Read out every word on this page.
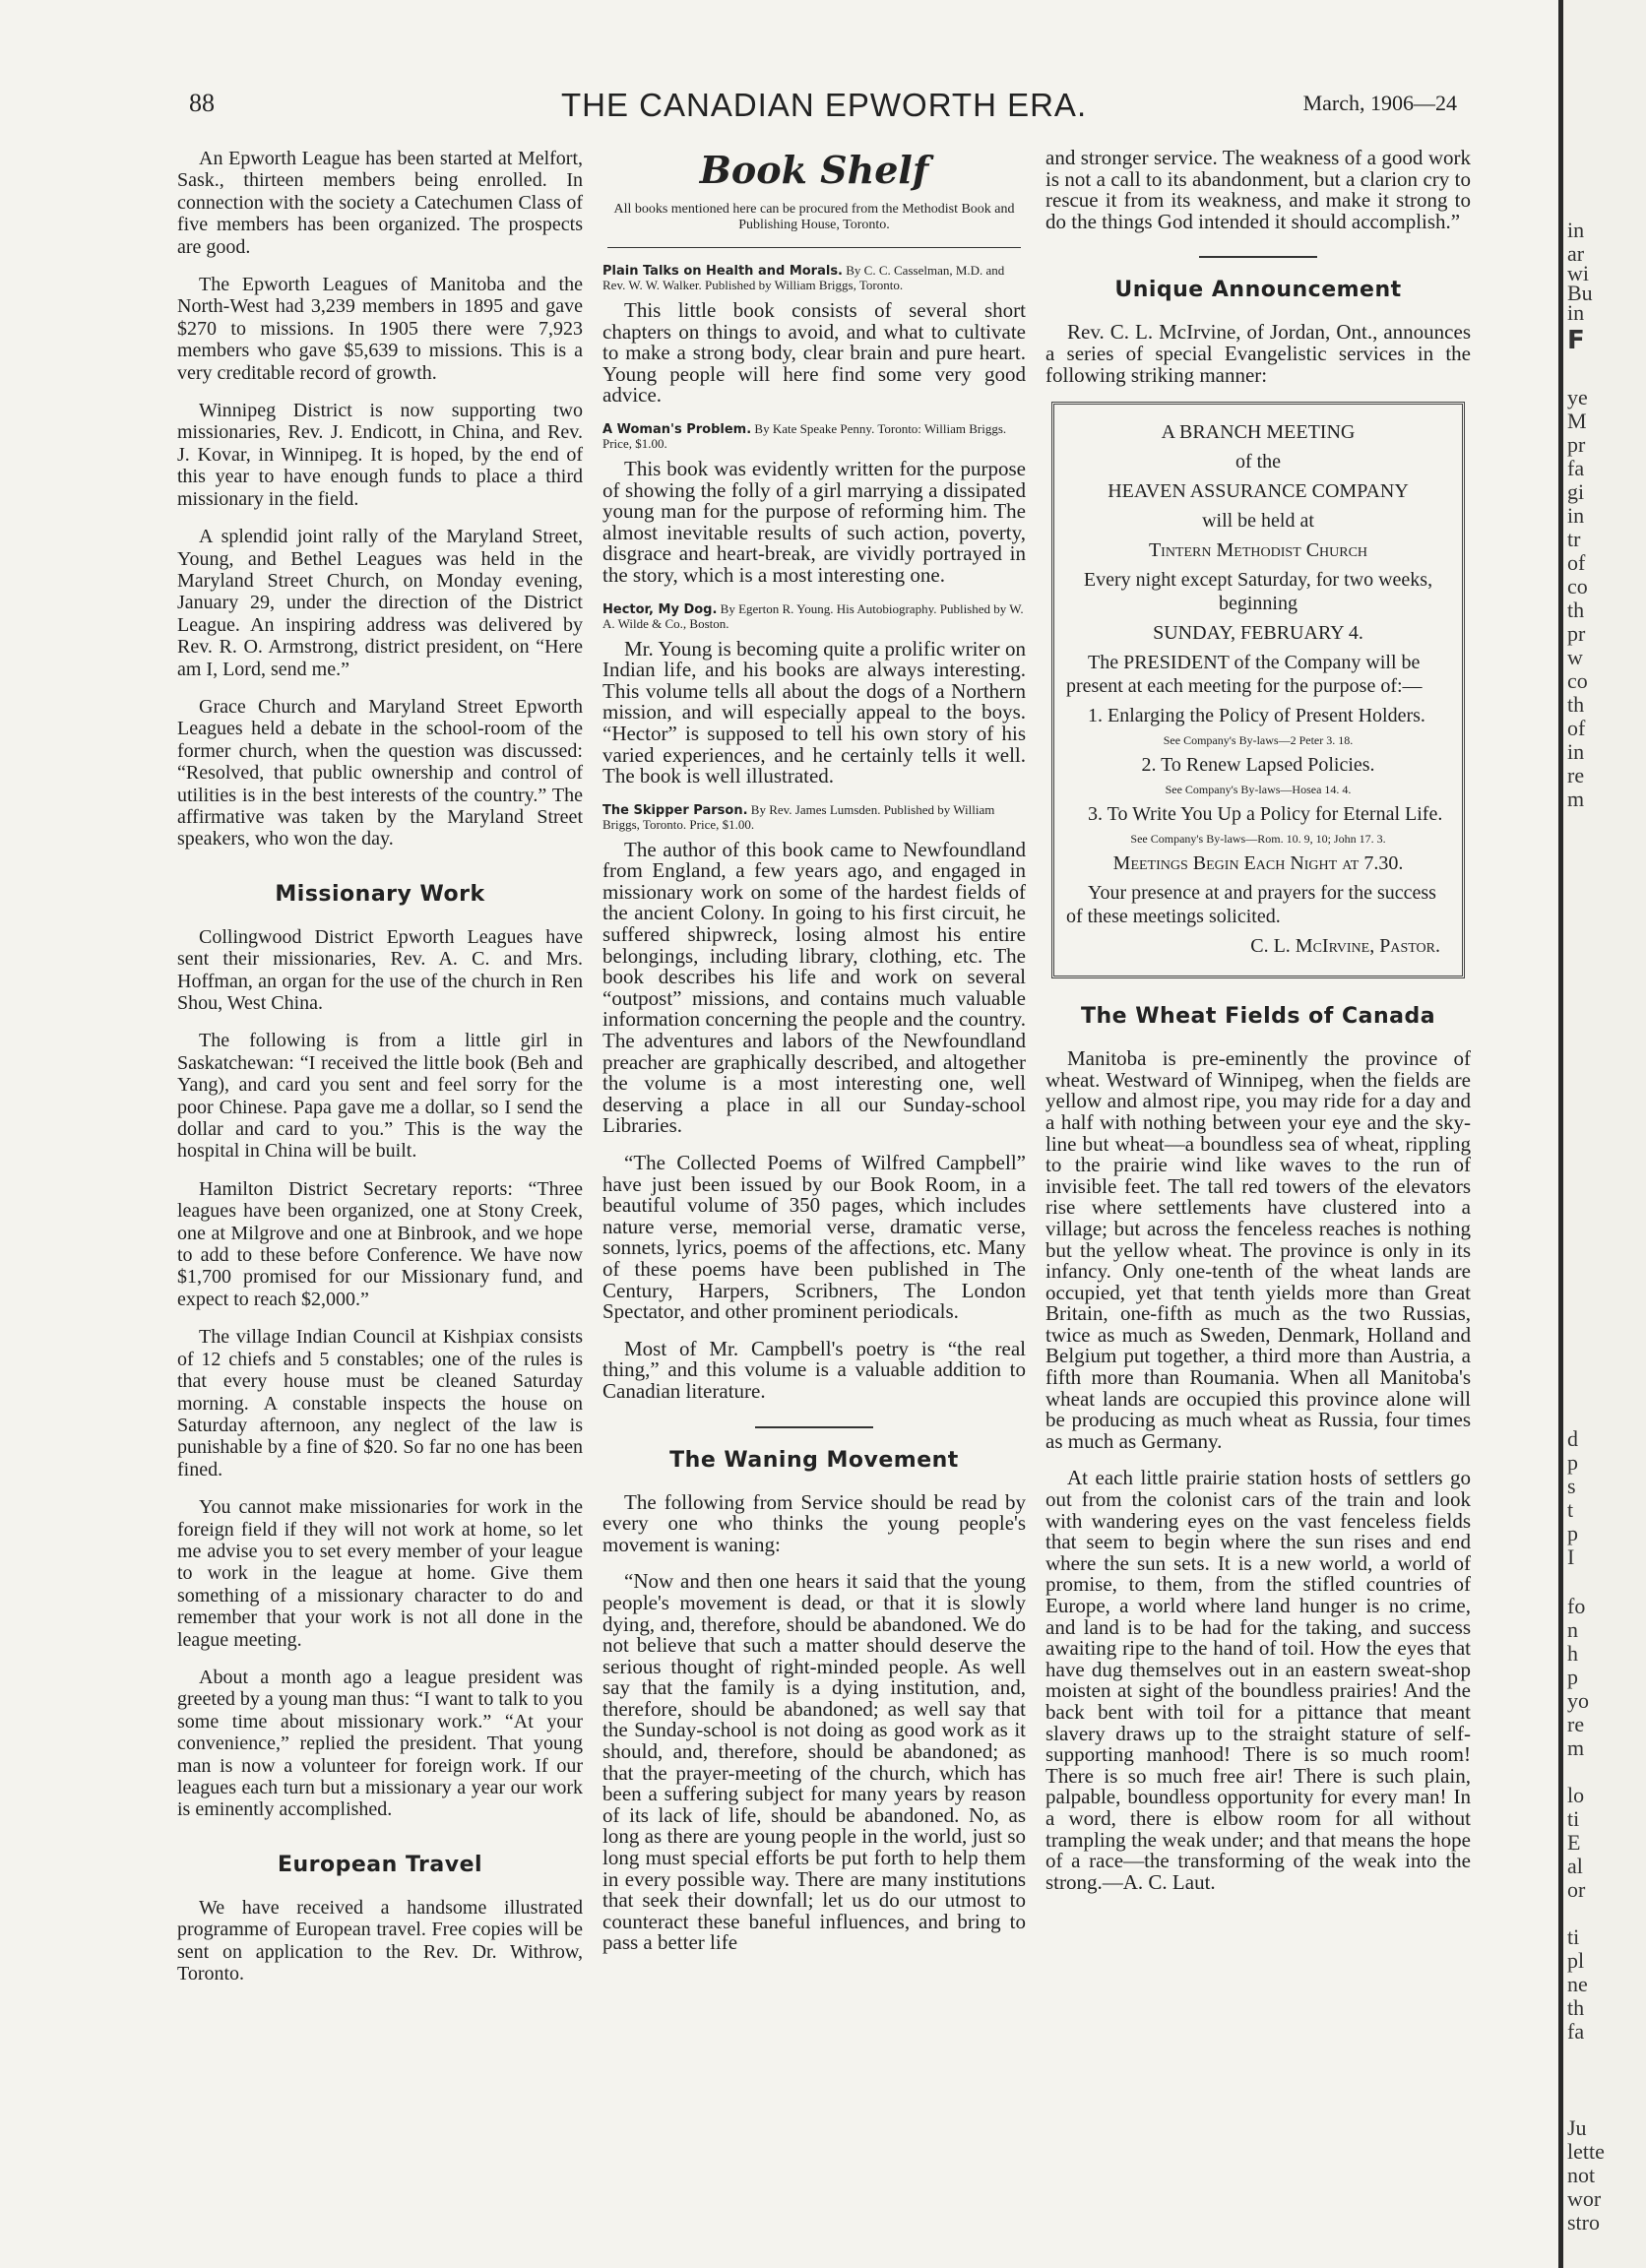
in
ar
wi
Bu
in
F
ye
M
pr
fa
gi
in
tr
of
co
th
pr
w
co
th
of
in
re
m
d
p
s
t
p
I
fo
n
h
p
yo
re
m
lo
ti
E
al
or
ti
pl
ne
th
fa
Ju
lette
not
wor
stro
88	THE CANADIAN EPWORTH ERA.	March, 1906—24

An Epworth League has been started at Melfort, Sask., thirteen members being enrolled. In connection with the society a Catechumen Class of five members has been organized. The prospects are good.

The Epworth Leagues of Manitoba and the North-West had 3,239 members in 1895 and gave $270 to missions. In 1905 there were 7,923 members who gave $5,639 to missions. This is a very creditable record of growth.

Winnipeg District is now supporting two missionaries, Rev. J. Endicott, in China, and Rev. J. Kovar, in Winnipeg. It is hoped, by the end of this year to have enough funds to place a third missionary in the field.

A splendid joint rally of the Maryland Street, Young, and Bethel Leagues was held in the Maryland Street Church, on Monday evening, January 29, under the direction of the District League. An inspiring address was delivered by Rev. R. O. Armstrong, district president, on “Here am I, Lord, send me.”

Grace Church and Maryland Street Epworth Leagues held a debate in the school-room of the former church, when the question was discussed: “Resolved, that public ownership and control of utilities is in the best interests of the country.” The affirmative was taken by the Maryland Street speakers, who won the day.

Missionary Work

Collingwood District Epworth Leagues have sent their missionaries, Rev. A. C. and Mrs. Hoffman, an organ for the use of the church in Ren Shou, West China.

The following is from a little girl in Saskatchewan: “I received the little book (Beh and Yang), and card you sent and feel sorry for the poor Chinese. Papa gave me a dollar, so I send the dollar and card to you.” This is the way the hospital in China will be built.

Hamilton District Secretary reports: “Three leagues have been organized, one at Stony Creek, one at Milgrove and one at Binbrook, and we hope to add to these before Conference. We have now $1,700 promised for our Missionary fund, and expect to reach $2,000.”

The village Indian Council at Kishpiax consists of 12 chiefs and 5 constables; one of the rules is that every house must be cleaned Saturday morning. A constable inspects the house on Saturday afternoon, any neglect of the law is punishable by a fine of $20. So far no one has been fined.

You cannot make missionaries for work in the foreign field if they will not work at home, so let me advise you to set every member of your league to work in the league at home. Give them something of a missionary character to do and remember that your work is not all done in the league meeting.

About a month ago a league president was greeted by a young man thus: “I want to talk to you some time about missionary work.” “At your convenience,” replied the president. That young man is now a volunteer for foreign work. If our leagues each turn but a missionary a year our work is eminently accomplished.

European Travel

We have received a handsome illustrated programme of European travel. Free copies will be sent on application to the Rev. Dr. Withrow, Toronto.

Book Shelf
All books mentioned here can be procured from the Methodist Book and Publishing House, Toronto.
Plain Talks on Health and Morals. By C. C. Casselman, M.D. and Rev. W. W. Walker. Published by William Briggs, Toronto.

This little book consists of several short chapters on things to avoid, and what to cultivate to make a strong body, clear brain and pure heart. Young people will here find some very good advice.

A Woman's Problem. By Kate Speake Penny. Toronto: William Briggs. Price, $1.00.

This book was evidently written for the purpose of showing the folly of a girl marrying a dissipated young man for the purpose of reforming him. The almost inevitable results of such action, poverty, disgrace and heart-break, are vividly portrayed in the story, which is a most interesting one.

Hector, My Dog. By Egerton R. Young. His Autobiography. Published by W. A. Wilde & Co., Boston.

Mr. Young is becoming quite a prolific writer on Indian life, and his books are always interesting. This volume tells all about the dogs of a Northern mission, and will especially appeal to the boys. “Hector” is supposed to tell his own story of his varied experiences, and he certainly tells it well. The book is well illustrated.

The Skipper Parson. By Rev. James Lumsden. Published by William Briggs, Toronto. Price, $1.00.

The author of this book came to Newfoundland from England, a few years ago, and engaged in missionary work on some of the hardest fields of the ancient Colony. In going to his first circuit, he suffered shipwreck, losing almost his entire belongings, including library, clothing, etc. The book describes his life and work on several “outpost” missions, and contains much valuable information concerning the people and the country. The adventures and labors of the Newfoundland preacher are graphically described, and altogether the volume is a most interesting one, well deserving a place in all our Sunday-school Libraries.

“The Collected Poems of Wilfred Campbell” have just been issued by our Book Room, in a beautiful volume of 350 pages, which includes nature verse, memorial verse, dramatic verse, sonnets, lyrics, poems of the affections, etc. Many of these poems have been published in The Century, Harpers, Scribners, The London Spectator, and other prominent periodicals.

Most of Mr. Campbell's poetry is “the real thing,” and this volume is a valuable addition to Canadian literature.

The Waning Movement

The following from Service should be read by every one who thinks the young people's movement is waning:

“Now and then one hears it said that the young people's movement is dead, or that it is slowly dying, and, therefore, should be abandoned. We do not believe that such a matter should deserve the serious thought of right-minded people. As well say that the family is a dying institution, and, therefore, should be abandoned; as well say that the Sunday-school is not doing as good work as it should, and, therefore, should be abandoned; as that the prayer-meeting of the church, which has been a suffering subject for many years by reason of its lack of life, should be abandoned. No, as long as there are young people in the world, just so long must special efforts be put forth to help them in every possible way. There are many institutions that seek their downfall; let us do our utmost to counteract these baneful influences, and bring to pass a better life

and stronger service. The weakness of a good work is not a call to its abandonment, but a clarion cry to rescue it from its weakness, and make it strong to do the things God intended it should accomplish.”

Unique Announcement

Rev. C. L. McIrvine, of Jordan, Ont., announces a series of special Evangelistic services in the following striking manner:

A BRANCH MEETING
of the
HEAVEN ASSURANCE COMPANY
will be held at
Tintern Methodist Church
Every night except Saturday, for two weeks, beginning
SUNDAY, FEBRUARY 4.
The PRESIDENT of the Company will be present at each meeting for the purpose of:—
1. Enlarging the Policy of Present Holders.
See Company's By-laws—2 Peter 3. 18.
2. To Renew Lapsed Policies.
See Company's By-laws—Hosea 14. 4.
3. To Write You Up a Policy for Eternal Life.
See Company's By-laws—Rom. 10. 9, 10; John 17. 3.
Meetings Begin Each Night at 7.30.
Your presence at and prayers for the success of these meetings solicited.
C. L. McIrvine, Pastor.
The Wheat Fields of Canada

Manitoba is pre-eminently the province of wheat. Westward of Winnipeg, when the fields are yellow and almost ripe, you may ride for a day and a half with nothing between your eye and the sky-line but wheat—a boundless sea of wheat, rippling to the prairie wind like waves to the run of invisible feet. The tall red towers of the elevators rise where settlements have clustered into a village; but across the fenceless reaches is nothing but the yellow wheat. The province is only in its infancy. Only one-tenth of the wheat lands are occupied, yet that tenth yields more than Great Britain, one-fifth as much as the two Russias, twice as much as Sweden, Denmark, Holland and Belgium put together, a third more than Austria, a fifth more than Roumania. When all Manitoba's wheat lands are occupied this province alone will be producing as much wheat as Russia, four times as much as Germany.

At each little prairie station hosts of settlers go out from the colonist cars of the train and look with wandering eyes on the vast fenceless fields that seem to begin where the sun rises and end where the sun sets. It is a new world, a world of promise, to them, from the stifled countries of Europe, a world where land hunger is no crime, and land is to be had for the taking, and success awaiting ripe to the hand of toil. How the eyes that have dug themselves out in an eastern sweat-shop moisten at sight of the boundless prairies! And the back bent with toil for a pittance that meant slavery draws up to the straight stature of self-supporting manhood! There is so much room! There is so much free air! There is such plain, palpable, boundless opportunity for every man! In a word, there is elbow room for all without trampling the weak under; and that means the hope of a race—the transforming of the weak into the strong.—A. C. Laut.
